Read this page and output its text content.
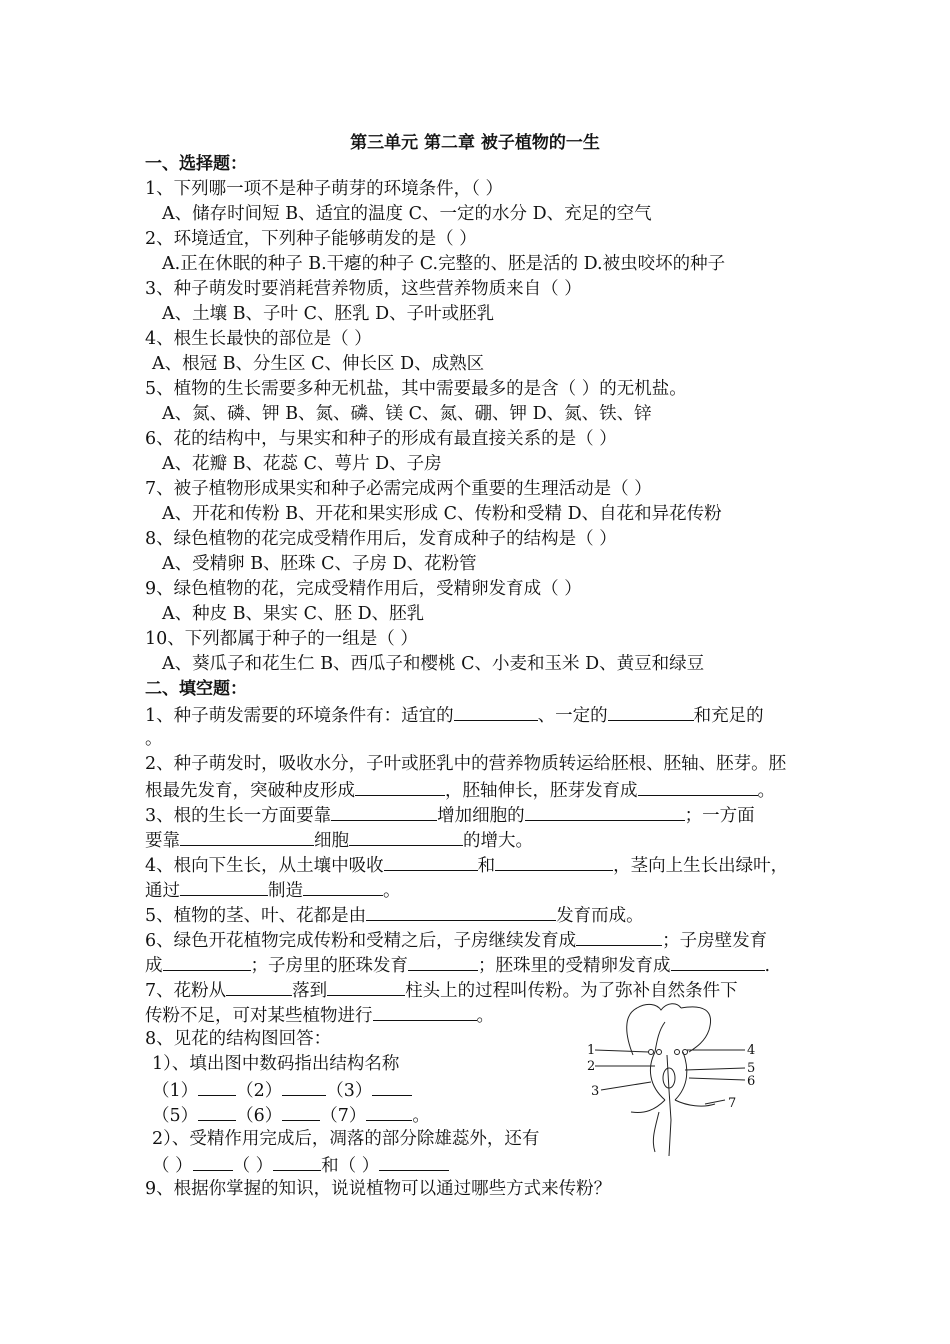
第三单元 第二章 被子植物的一生
一、选择题：
1、下列哪一项不是种子萌芽的环境条件，（ ）
A、储存时间短 B、适宜的温度 C、一定的水分 D、充足的空气
2、环境适宜，下列种子能够萌发的是（ ）
A.正在休眠的种子 B.干瘪的种子 C.完整的、胚是活的 D.被虫咬坏的种子
3、种子萌发时要消耗营养物质，这些营养物质来自（ ）
A、土壤 B、子叶 C、胚乳 D、子叶或胚乳
4、根生长最快的部位是（ ）
A、根冠 B、分生区 C、伸长区 D、成熟区
5、植物的生长需要多种无机盐，其中需要最多的是含（ ）的无机盐。
A、氮、磷、钾 B、氮、磷、镁 C、氮、硼、钾 D、氮、铁、锌
6、花的结构中，与果实和种子的形成有最直接关系的是（ ）
A、花瓣 B、花蕊 C、萼片 D、子房
7、被子植物形成果实和种子必需完成两个重要的生理活动是（ ）
A、开花和传粉 B、开花和果实形成 C、传粉和受精 D、自花和异花传粉
8、绿色植物的花完成受精作用后，发育成种子的结构是（ ）
A、受精卵 B、胚珠 C、子房 D、花粉管
9、绿色植物的花，完成受精作用后，受精卵发育成（ ）
A、种皮 B、果实 C、胚 D、胚乳
10、下列都属于种子的一组是（ ）
A、葵瓜子和花生仁 B、西瓜子和樱桃 C、小麦和玉米 D、黄豆和绿豆
二、填空题：
1、种子萌发需要的环境条件有：适宜的	、一定的	和充足的
。
2、种子萌发时，吸收水分，子叶或胚乳中的营养物质转运给胚根、胚轴、胚芽。胚
根最先发育，突破种皮形成	，胚轴伸长，胚芽发育成	。
3、根的生长一方面要靠	增加细胞的	；一方面
要靠	细胞	的增大。
4、根向下生长，从土壤中吸收	和	，茎向上生长出绿叶，
通过	制造	。
5、植物的茎、叶、花都是由	发育而成。
6、绿色开花植物完成传粉和受精之后，子房继续发育成	；子房壁发育
成	；子房里的胚珠发育	；胚珠里的受精卵发育成	.
7、花粉从	落到	柱头上的过程叫传粉。为了弥补自然条件下
传粉不足，可对某些植物进行	。
8、见花的结构图回答：
1）、填出图中数码指出结构名称
（1） （2）	（3）
（5） （6） （7）	。
2）、受精作用完成后，凋落的部分除雄蕊外，还有
（ ） （ ）	和（ ）
9、根据你掌握的知识，说说植物可以通过哪些方式来传粉？
1
2
3
4
5
6
7
